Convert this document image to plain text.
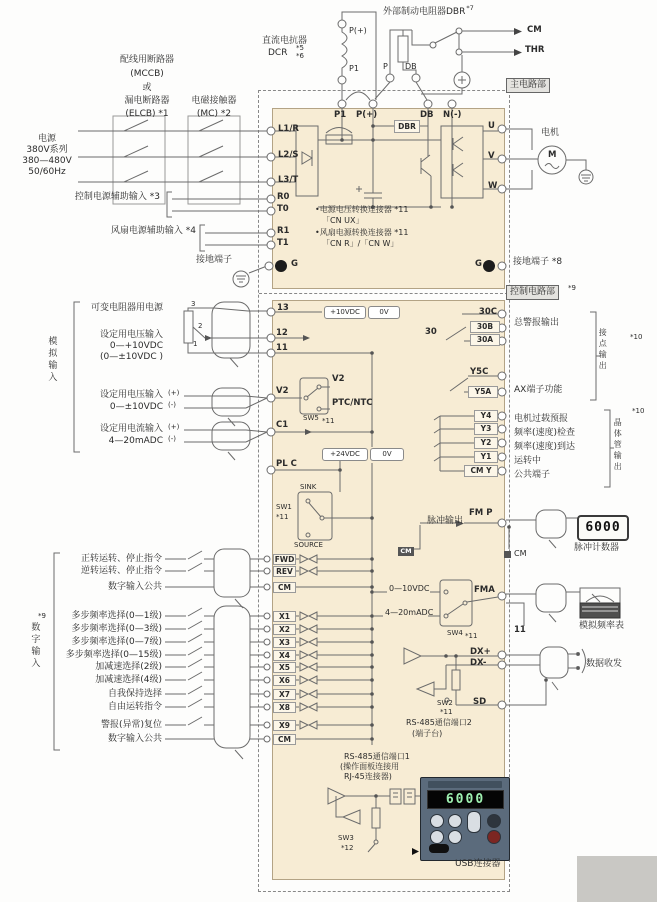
外部制动电阻器DBR$^{*7}$
CM
THR
直流电抗器
DCR *5
*6
P(+)
P1	P DB
主电路部
配线用断路器
(MCCB)
或
漏电断路器
(ELCB) *1
电磁接触器
(MC) *2
电源
380V系列
380—480V
50/60Hz
控制电源辅助输入 *3
风扇电源辅助输入 *4
接地端子
P1 P(+)
DBR
DB N(-)
L1/R
L2/S
L3/T
R0
T0
R1
T1
G	G
U
V
W
电机
M
•电源电压转换连接器 *11
「CN UX」
•风扇电源转换连接器 *11
「CN R」/「CN W」
接地端子 *8
控制电路部	*9
模拟输入
可变电阻器用电源
设定用电压输入
0—+10VDC
(0—±10VDC )
3
2
1
设定用电压输入
0—±10VDC
(+)
(-)
设定用电流输入
4—20mADC
(+)
(-)
13
12
11
V2
C1
PL C
+10VDC	0V
+24VDC	0V
V2
PTC/NTC
SW5 *11
SINK
SOURCE
SW1
*11
*9
数字输入
正转运转、停止指令
逆转运转、停止指令
数字输入公共
多步频率选择(0—1级)
多步频率选择(0—3级)
多步频率选择(0—7级)
多步频率选择(0—15级)
加减速选择(2级)
加减速选择(4级)
自我保持选择
自由运转指令
警报(异常)复位
数字输入公共
FWD
REV
CM
X1
X2
X3
X4
X5
X6
X7
X8
X9
CM
30C
30B
30A
30
总警报输出
接点输出	*10
Y5C
Y5A	AX端子功能
Y4
Y3
Y2
Y1
CM Y
电机过载预报
频率(速度)检查
频率(速度)到达
运转中
公共端子
晶体管输出
*10
脉冲输出
FM P
CM
6000
脉冲计数器
CM
0—10VDC
4—20mADC
SW4 *11
FMA
模拟频率表
11
DX+
DX-
SD
SW2
*11
RS-485通信端口2
(端子台)
数据收发
RS-485通信端口1
(操作面板连接用
RJ-45连接器)
SW3
*12
6000
USB连接器
